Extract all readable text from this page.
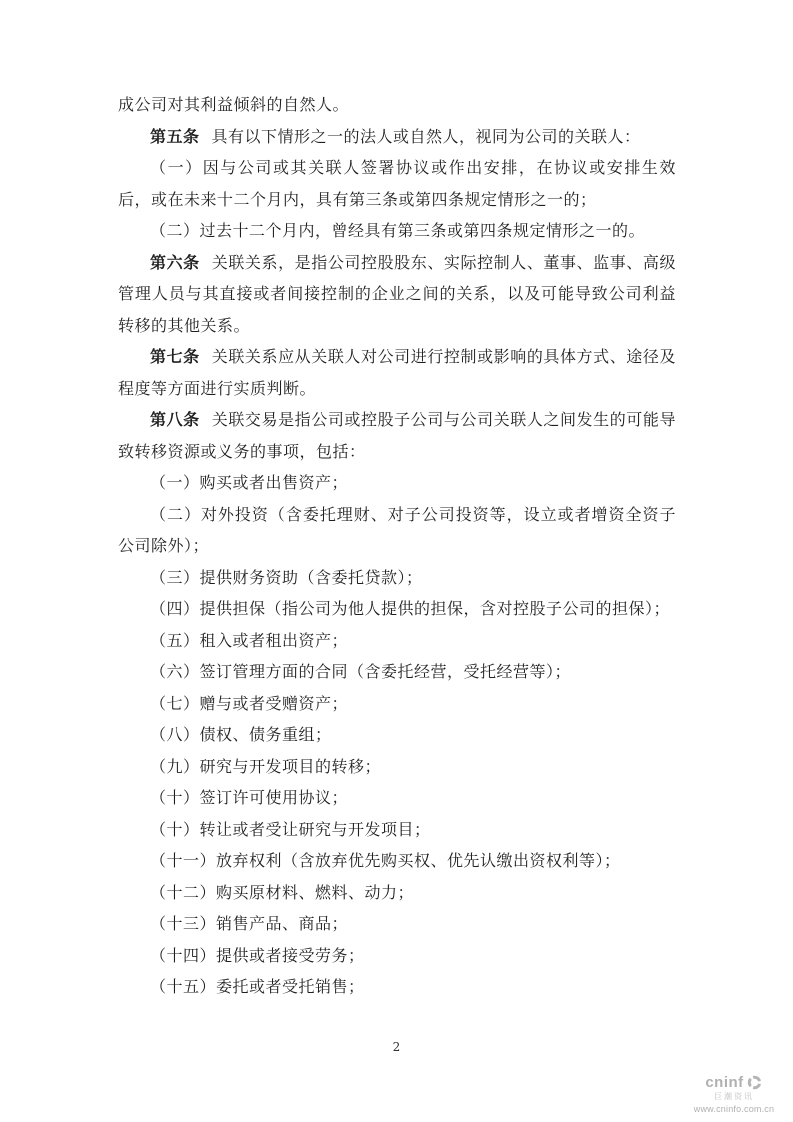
成公司对其利益倾斜的自然人。

第五条 具有以下情形之一的法人或自然人，视同为公司的关联人：

（一）因与公司或其关联人签署协议或作出安排，在协议或安排生效后，或在未来十二个月内，具有第三条或第四条规定情形之一的；

（二）过去十二个月内，曾经具有第三条或第四条规定情形之一的。

第六条 关联关系，是指公司控股股东、实际控制人、董事、监事、高级管理人员与其直接或者间接控制的企业之间的关系，以及可能导致公司利益转移的其他关系。

第七条 关联关系应从关联人对公司进行控制或影响的具体方式、途径及程度等方面进行实质判断。

第八条 关联交易是指公司或控股子公司与公司关联人之间发生的可能导致转移资源或义务的事项，包括：

（一）购买或者出售资产；

（二）对外投资（含委托理财、对子公司投资等，设立或者增资全资子公司除外）；

（三）提供财务资助（含委托贷款）；

（四）提供担保（指公司为他人提供的担保，含对控股子公司的担保）；

（五）租入或者租出资产；

（六）签订管理方面的合同（含委托经营，受托经营等）；

（七）赠与或者受赠资产；

（八）债权、债务重组；

（九）研究与开发项目的转移；

（十）签订许可使用协议；

（十）转让或者受让研究与开发项目；

（十一）放弃权利（含放弃优先购买权、优先认缴出资权利等）；

（十二）购买原材料、燃料、动力；

（十三）销售产品、商品；

（十四）提供或者接受劳务；

（十五）委托或者受托销售；

2
cninf
巨潮资讯
www.cninfo.com.cn
